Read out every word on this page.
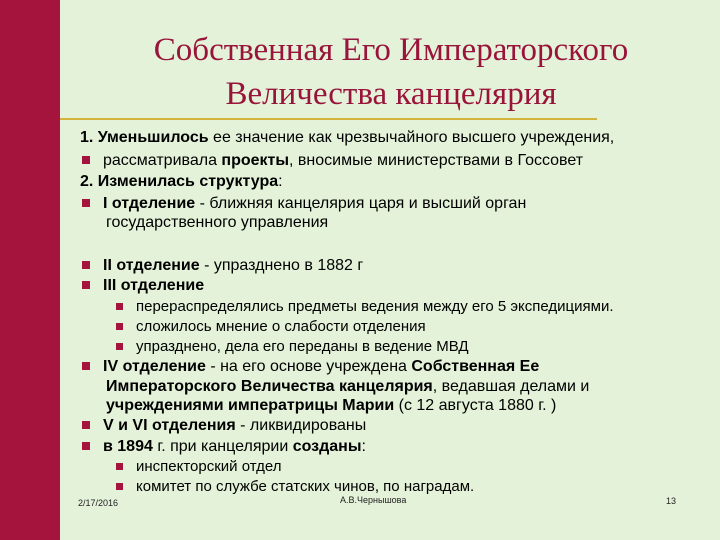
Собственная Его Императорского
Величества канцелярия
1. Уменьшилось ее значение как чрезвычайного высшего учреждения,
рассматривала проекты, вносимые министерствами в Госсовет
2. Изменилась структура:
I отделение - ближняя канцелярия царя и высший орган
государственного управления
II отделение - упразднено в 1882 г
III отделение
перераспределялись предметы ведения между его 5 экспедициями.
сложилось мнение о слабости отделения
упразднено, дела его переданы в ведение МВД
IV отделение - на его основе учреждена Собственная Ее
Императорского Величества канцелярия, ведавшая делами и
учреждениями императрицы Марии (с 12 августа 1880 г. )
V и VI отделения - ликвидированы
в 1894 г. при канцелярии созданы:
инспекторский отдел
комитет по службе статских чинов, по наградам.
2/17/2016	А.В.Чернышова	13
